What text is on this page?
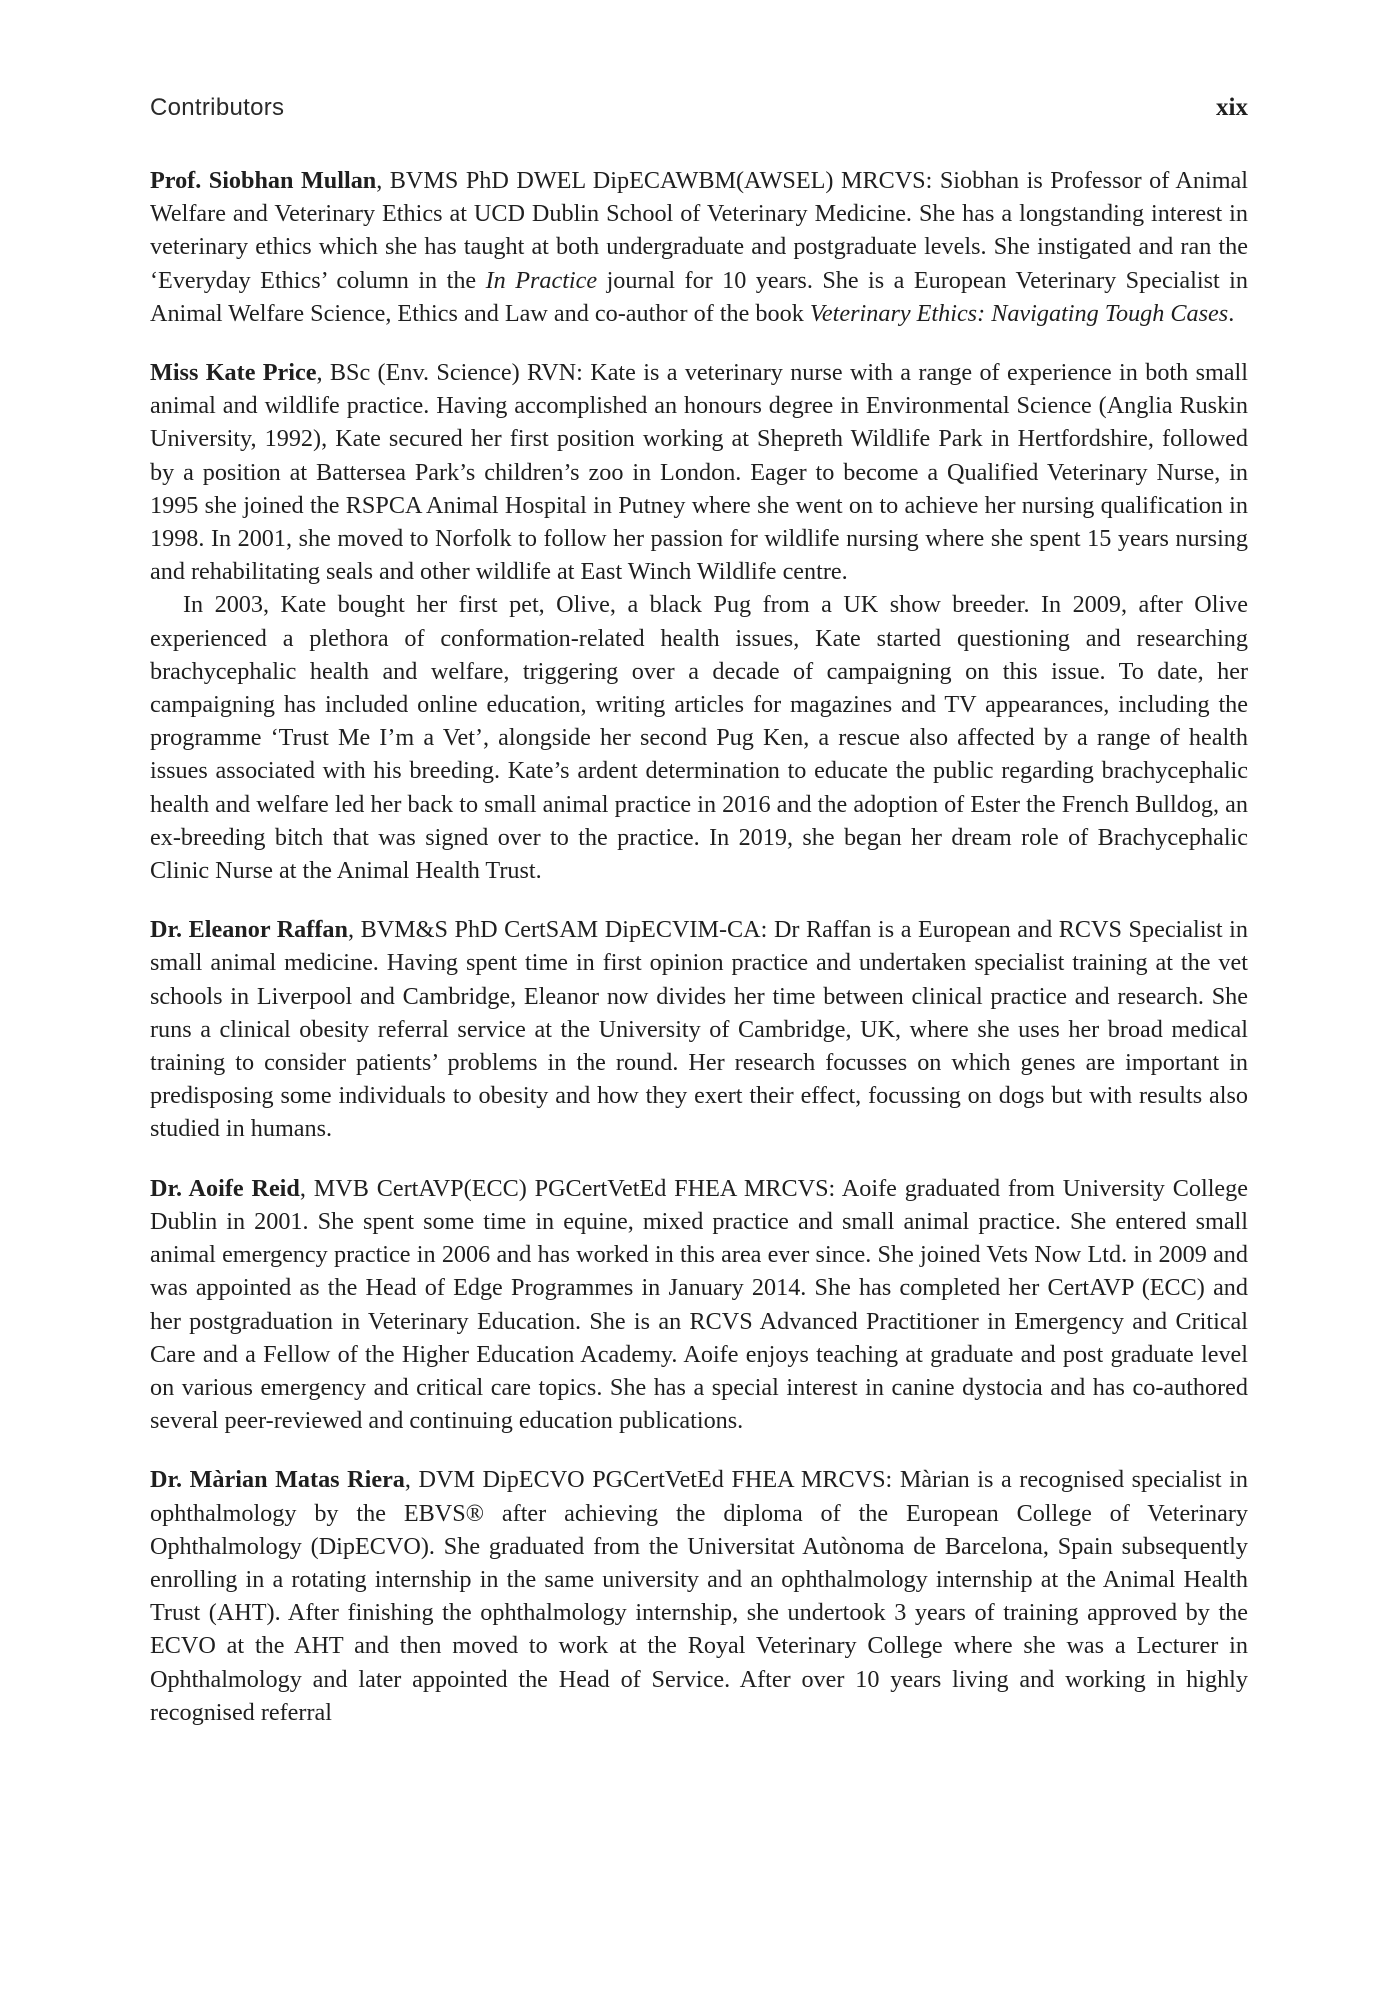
Contributors	xix

Prof. Siobhan Mullan, BVMS PhD DWEL DipECAWBM(AWSEL) MRCVS: Siobhan is Professor of Animal Welfare and Veterinary Ethics at UCD Dublin School of Veterinary Medicine. She has a longstanding interest in veterinary ethics which she has taught at both undergraduate and postgraduate levels. She instigated and ran the ‘Everyday Ethics’ column in the In Practice journal for 10 years. She is a European Veterinary Specialist in Animal Welfare Science, Ethics and Law and co-author of the book Veterinary Ethics: Navigating Tough Cases.

Miss Kate Price, BSc (Env. Science) RVN: Kate is a veterinary nurse with a range of experience in both small animal and wildlife practice. Having accomplished an honours degree in Environmental Science (Anglia Ruskin University, 1992), Kate secured her first position working at Shepreth Wildlife Park in Hertfordshire, followed by a position at Battersea Park’s children’s zoo in London. Eager to become a Qualified Veterinary Nurse, in 1995 she joined the RSPCA Animal Hospital in Putney where she went on to achieve her nursing qualification in 1998. In 2001, she moved to Norfolk to follow her passion for wildlife nursing where she spent 15 years nursing and rehabilitating seals and other wildlife at East Winch Wildlife centre.

In 2003, Kate bought her first pet, Olive, a black Pug from a UK show breeder. In 2009, after Olive experienced a plethora of conformation-related health issues, Kate started questioning and researching brachycephalic health and welfare, triggering over a decade of campaigning on this issue. To date, her campaigning has included online education, writing articles for magazines and TV appearances, including the programme ‘Trust Me I’m a Vet’, alongside her second Pug Ken, a rescue also affected by a range of health issues associated with his breeding. Kate’s ardent determination to educate the public regarding brachycephalic health and welfare led her back to small animal practice in 2016 and the adoption of Ester the French Bulldog, an ex-breeding bitch that was signed over to the practice. In 2019, she began her dream role of Brachycephalic Clinic Nurse at the Animal Health Trust.

Dr. Eleanor Raffan, BVM&S PhD CertSAM DipECVIM-CA: Dr Raffan is a European and RCVS Specialist in small animal medicine. Having spent time in first opinion practice and undertaken specialist training at the vet schools in Liverpool and Cambridge, Eleanor now divides her time between clinical practice and research. She runs a clinical obesity referral service at the University of Cambridge, UK, where she uses her broad medical training to consider patients’ problems in the round. Her research focusses on which genes are important in predisposing some individuals to obesity and how they exert their effect, focussing on dogs but with results also studied in humans.

Dr. Aoife Reid, MVB CertAVP(ECC) PGCertVetEd FHEA MRCVS: Aoife graduated from University College Dublin in 2001. She spent some time in equine, mixed practice and small animal practice. She entered small animal emergency practice in 2006 and has worked in this area ever since. She joined Vets Now Ltd. in 2009 and was appointed as the Head of Edge Programmes in January 2014. She has completed her CertAVP (ECC) and her postgraduation in Veterinary Education. She is an RCVS Advanced Practitioner in Emergency and Critical Care and a Fellow of the Higher Education Academy. Aoife enjoys teaching at graduate and post graduate level on various emergency and critical care topics. She has a special interest in canine dystocia and has co-authored several peer-reviewed and continuing education publications.

Dr. Màrian Matas Riera, DVM DipECVO PGCertVetEd FHEA MRCVS: Màrian is a recognised specialist in ophthalmology by the EBVS® after achieving the diploma of the European College of Veterinary Ophthalmology (DipECVO). She graduated from the Universitat Autònoma de Barcelona, Spain subsequently enrolling in a rotating internship in the same university and an ophthalmology internship at the Animal Health Trust (AHT). After finishing the ophthalmology internship, she undertook 3 years of training approved by the ECVO at the AHT and then moved to work at the Royal Veterinary College where she was a Lecturer in Ophthalmology and later appointed the Head of Service. After over 10 years living and working in highly recognised referral
